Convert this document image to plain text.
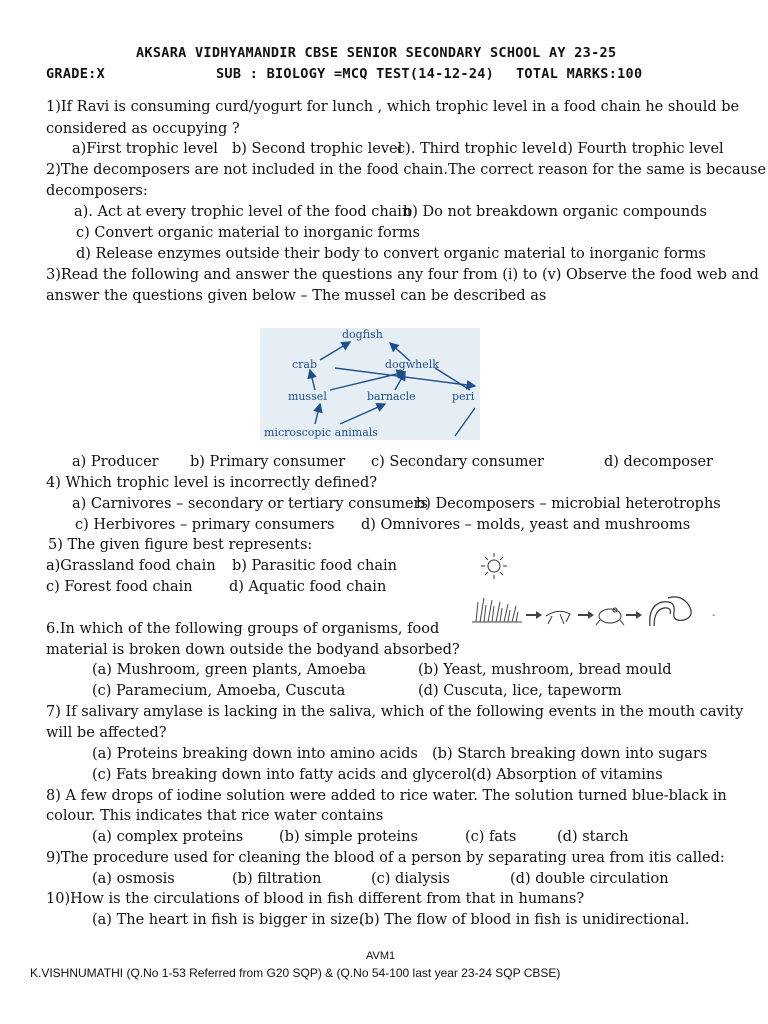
AKSARA VIDHYAMANDIR CBSE SENIOR SECONDARY SCHOOL AY 23-25
GRADE:X	SUB : BIOLOGY =MCQ TEST(14-12-24) TOTAL MARKS:100
1)If Ravi is consuming curd/yogurt for lunch , which trophic level in a food chain he should be
considered as occupying ?
a)First trophic level b) Second trophic level
c). Third trophic level d) Fourth trophic level
2)The decomposers are not included in the food chain.The correct reason for the same is because
decomposers:
a). Act at every trophic level of the food chain
b) Do not breakdown organic compounds
c) Convert organic material to inorganic forms
d) Release enzymes outside their body to convert organic material to inorganic forms
3)Read the following and answer the questions any four from (i) to (v) Observe the food web and
answer the questions given below – The mussel can be described as
dogfish
crab	dogwhelk
mussel	barnacle	peri
microscopic animals
a) Producer b) Primary consumer c) Secondary consumer	d) decomposer
4) Which trophic level is incorrectly defined?
a) Carnivores – secondary or tertiary consumers
b) Decomposers – microbial heterotrophs
c) Herbivores – primary consumers d) Omnivores – molds, yeast and mushrooms
5) The given figure best represents:
a)Grassland food chain b) Parasitic food chain
c) Forest food chain	d) Aquatic food chain
-
6.In which of the following groups of organisms, food
material is broken down outside the bodyand absorbed?
(a) Mushroom, green plants, Amoeba	(b) Yeast, mushroom, bread mould
(c) Paramecium, Amoeba, Cuscuta	(d) Cuscuta, lice, tapeworm
7) If salivary amylase is lacking in the saliva, which of the following events in the mouth cavity
will be affected?
(a) Proteins breaking down into amino acids (b) Starch breaking down into sugars
(c) Fats breaking down into fatty acids and glycerol (d) Absorption of vitamins
8) A few drops of iodine solution were added to rice water. The solution turned blue-black in
colour. This indicates that rice water contains
(a) complex proteins (b) simple proteins	(c) fats	(d) starch
9)The procedure used for cleaning the blood of a person by separating urea from itis called:
(a) osmosis	(b) filtration	(c) dialysis	(d) double circulation
10)How is the circulations of blood in fish different from that in humans?
(a) The heart in fish is bigger in size.
(b) The flow of blood in fish is unidirectional.
AVM1
K.VISHNUMATHI (Q.No 1-53 Referred from G20 SQP) & (Q.No 54-100 last year 23-24 SQP CBSE)
